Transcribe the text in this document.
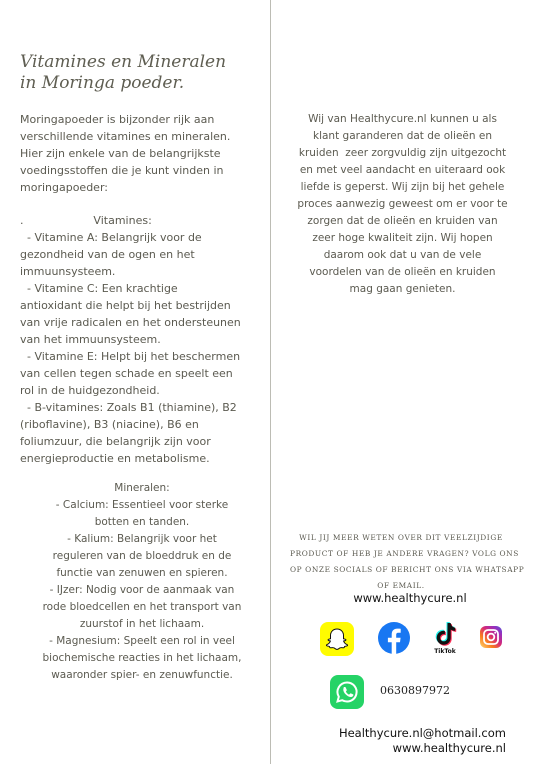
Vitamines en Mineralen
in Moringa poeder.

Moringapoeder is bijzonder rijk aan

verschillende vitamines en mineralen.

Hier zijn enkele van de belangrijkste

voedingsstoffen die je kunt vinden in

moringapoeder:

.                    Vitamines:

- Vitamine A: Belangrijk voor de

gezondheid van de ogen en het

immuunsysteem.

- Vitamine C: Een krachtige

antioxidant die helpt bij het bestrijden

van vrije radicalen en het ondersteunen

van het immuunsysteem.

- Vitamine E: Helpt bij het beschermen

van cellen tegen schade en speelt een

rol in de huidgezondheid.

- B-vitamines: Zoals B1 (thiamine), B2

(riboflavine), B3 (niacine), B6 en

foliumzuur, die belangrijk zijn voor

energieproductie en metabolisme.

Mineralen:

- Calcium: Essentieel voor sterke

botten en tanden.

- Kalium: Belangrijk voor het

reguleren van de bloeddruk en de

functie van zenuwen en spieren.

- IJzer: Nodig voor de aanmaak van

rode bloedcellen en het transport van

zuurstof in het lichaam.

- Magnesium: Speelt een rol in veel

biochemische reacties in het lichaam,

waaronder spier- en zenuwfunctie.

Wij van Healthycure.nl kunnen u als

klant garanderen dat de olieën en

kruiden  zeer zorgvuldig zijn uitgezocht

en met veel aandacht en uiteraard ook

liefde is geperst. Wij zijn bij het gehele

proces aanwezig geweest om er voor te

zorgen dat de olieën en kruiden van

zeer hoge kwaliteit zijn. Wij hopen

daarom ook dat u van de vele

voordelen van de olieën en kruiden

mag gaan genieten.

WIL JIJ MEER WETEN OVER DIT VEELZIJDIGE

PRODUCT OF HEB JE ANDERE VRAGEN? VOLG ONS

OP ONZE SOCIALS OF BERICHT ONS VIA WHATSAPP

OF EMAIL.

www.healthycure.nl
TikTok
0630897972
Healthycure.nl@hotmail.com
www.healthycure.nl
